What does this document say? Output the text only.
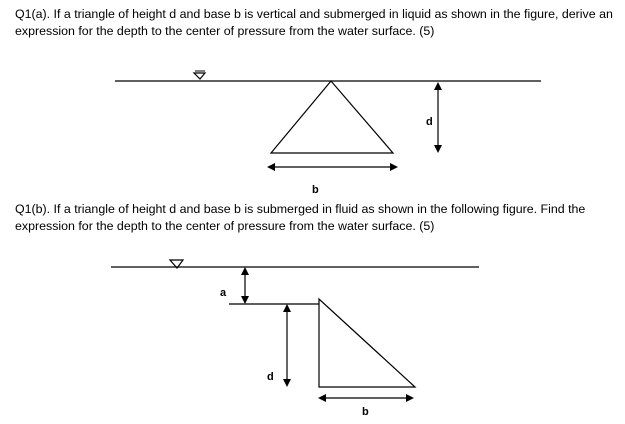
Q1(a). If a triangle of height d and base b is vertical and submerged in liquid as shown in the figure, derive an expression for the depth to the center of pressure from the water surface. (5)

d
b

Q1(b). If a triangle of height d and base b is submerged in fluid as shown in the following figure. Find the expression for the depth to the center of pressure from the water surface. (5)

a
d
b
